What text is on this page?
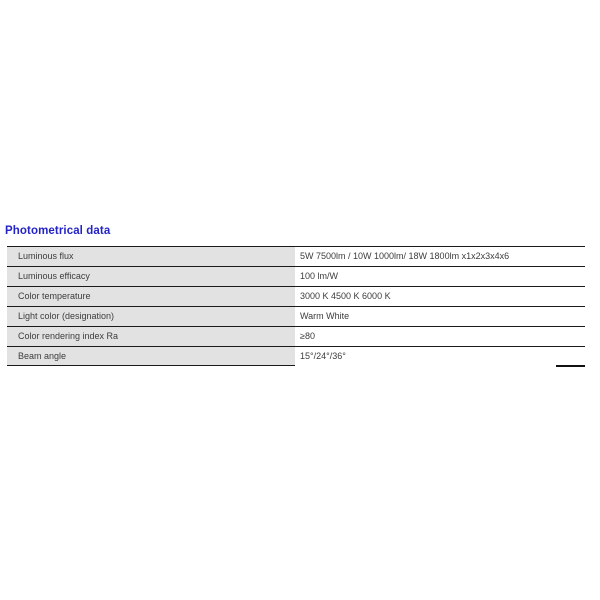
Photometrical data
Luminous flux	5W 7500lm / 10W 1000lm/ 18W 1800lm x1x2x3x4x6
Luminous efficacy	100 lm/W
Color temperature	3000 K 4500 K 6000 K
Light color (designation)	Warm White
Color rendering index Ra	≥80
Beam angle	15°/24°/36°
